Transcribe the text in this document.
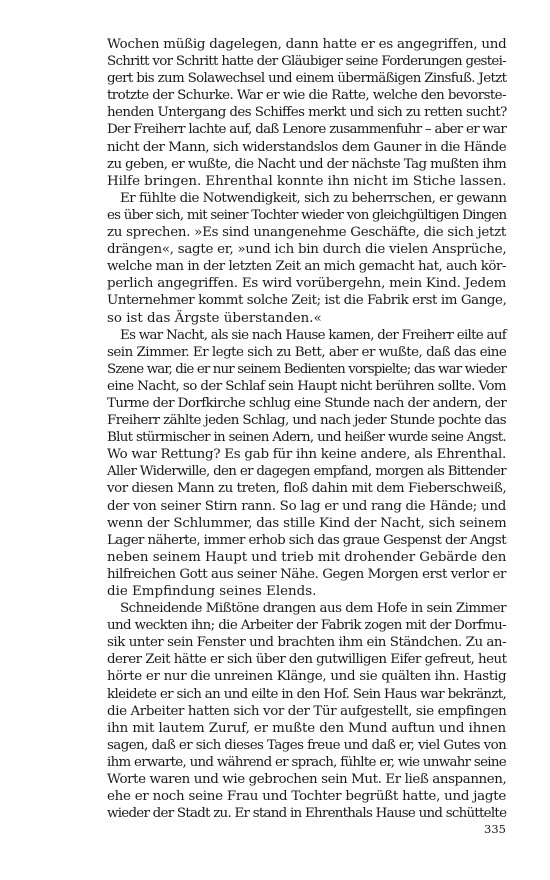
Wochen müßig dagelegen, dann hatte er es angegriffen, und
Schritt vor Schritt hatte der Gläubiger seine Forderungen gestei-
gert bis zum Solawechsel und einem übermäßigen Zinsfuß. Jetzt
trotzte der Schurke. War er wie die Ratte, welche den bevorste-
henden Untergang des Schiffes merkt und sich zu retten sucht?
Der Freiherr lachte auf, daß Lenore zusammenfuhr – aber er war
nicht der Mann, sich widerstandslos dem Gauner in die Hände
zu geben, er wußte, die Nacht und der nächste Tag mußten ihm
Hilfe bringen. Ehrenthal konnte ihn nicht im Stiche lassen.
Er fühlte die Notwendigkeit, sich zu beherrschen, er gewann
es über sich, mit seiner Tochter wieder von gleichgültigen Dingen
zu sprechen. »Es sind unangenehme Geschäfte, die sich jetzt
drängen«, sagte er, »und ich bin durch die vielen Ansprüche,
welche man in der letzten Zeit an mich gemacht hat, auch kör-
perlich angegriffen. Es wird vorübergehn, mein Kind. Jedem
Unternehmer kommt solche Zeit; ist die Fabrik erst im Gange,
so ist das Ärgste überstanden.«
Es war Nacht, als sie nach Hause kamen, der Freiherr eilte auf
sein Zimmer. Er legte sich zu Bett, aber er wußte, daß das eine
Szene war, die er nur seinem Bedienten vorspielte; das war wieder
eine Nacht, so der Schlaf sein Haupt nicht berühren sollte. Vom
Turme der Dorfkirche schlug eine Stunde nach der andern, der
Freiherr zählte jeden Schlag, und nach jeder Stunde pochte das
Blut stürmischer in seinen Adern, und heißer wurde seine Angst.
Wo war Rettung? Es gab für ihn keine andere, als Ehrenthal.
Aller Widerwille, den er dagegen empfand, morgen als Bittender
vor diesen Mann zu treten, floß dahin mit dem Fieberschweiß,
der von seiner Stirn rann. So lag er und rang die Hände; und
wenn der Schlummer, das stille Kind der Nacht, sich seinem
Lager näherte, immer erhob sich das graue Gespenst der Angst
neben seinem Haupt und trieb mit drohender Gebärde den
hilfreichen Gott aus seiner Nähe. Gegen Morgen erst verlor er
die Empfindung seines Elends.
Schneidende Mißtöne drangen aus dem Hofe in sein Zimmer
und weckten ihn; die Arbeiter der Fabrik zogen mit der Dorfmu-
sik unter sein Fenster und brachten ihm ein Ständchen. Zu an-
derer Zeit hätte er sich über den gutwilligen Eifer gefreut, heut
hörte er nur die unreinen Klänge, und sie quälten ihn. Hastig
kleidete er sich an und eilte in den Hof. Sein Haus war bekränzt,
die Arbeiter hatten sich vor der Tür aufgestellt, sie empfingen
ihn mit lautem Zuruf, er mußte den Mund auftun und ihnen
sagen, daß er sich dieses Tages freue und daß er, viel Gutes von
ihm erwarte, und während er sprach, fühlte er, wie unwahr seine
Worte waren und wie gebrochen sein Mut. Er ließ anspannen,
ehe er noch seine Frau und Tochter begrüßt hatte, und jagte
wieder der Stadt zu. Er stand in Ehrenthals Hause und schüttelte
335
